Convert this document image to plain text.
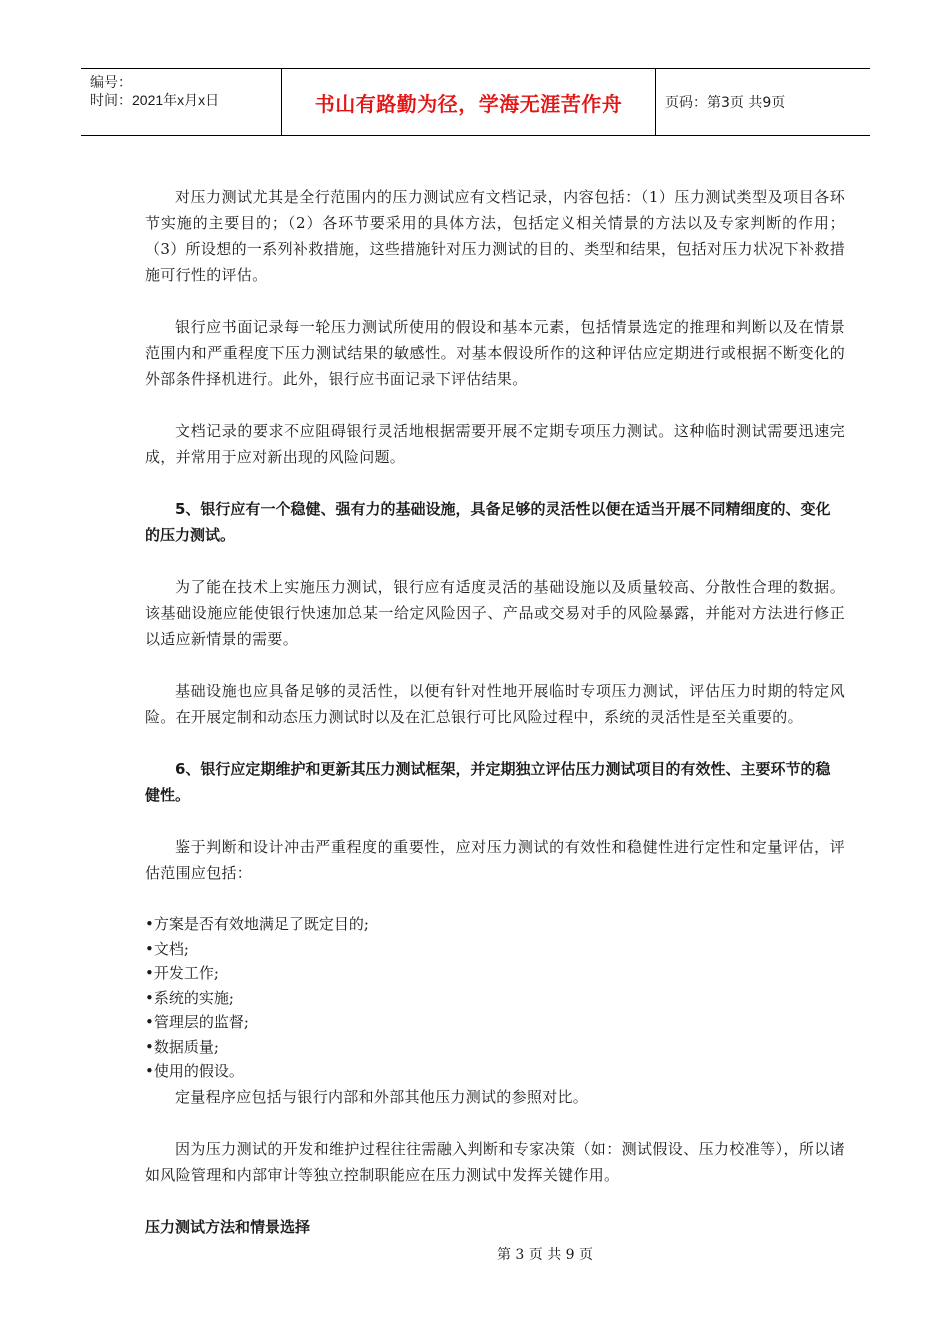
编号：
时间：2021年x月x日	书山有路勤为径，学海无涯苦作舟	页码：第3页 共9页

对压力测试尤其是全行范围内的压力测试应有文档记录，内容包括：（1）压力测试类型及项目各环节实施的主要目的；（2）各环节要采用的具体方法，包括定义相关情景的方法以及专家判断的作用；（3）所设想的一系列补救措施，这些措施针对压力测试的目的、类型和结果，包括对压力状况下补救措施可行性的评估。

银行应书面记录每一轮压力测试所使用的假设和基本元素，包括情景选定的推理和判断以及在情景范围内和严重程度下压力测试结果的敏感性。对基本假设所作的这种评估应定期进行或根据不断变化的外部条件择机进行。此外，银行应书面记录下评估结果。

文档记录的要求不应阻碍银行灵活地根据需要开展不定期专项压力测试。这种临时测试需要迅速完成，并常用于应对新出现的风险问题。

5、银行应有一个稳健、强有力的基础设施，具备足够的灵活性以便在适当开展不同精细度的、变化的压力测试。

为了能在技术上实施压力测试，银行应有适度灵活的基础设施以及质量较高、分散性合理的数据。该基础设施应能使银行快速加总某一给定风险因子、产品或交易对手的风险暴露，并能对方法进行修正以适应新情景的需要。

基础设施也应具备足够的灵活性，以便有针对性地开展临时专项压力测试，评估压力时期的特定风险。在开展定制和动态压力测试时以及在汇总银行可比风险过程中，系统的灵活性是至关重要的。

6、银行应定期维护和更新其压力测试框架，并定期独立评估压力测试项目的有效性、主要环节的稳健性。

鉴于判断和设计冲击严重程度的重要性，应对压力测试的有效性和稳健性进行定性和定量评估，评估范围应包括：

• 方案是否有效地满足了既定目的;
• 文档;
• 开发工作;
• 系统的实施;
• 管理层的监督;
• 数据质量;
• 使用的假设。

定量程序应包括与银行内部和外部其他压力测试的参照对比。

因为压力测试的开发和维护过程往往需融入判断和专家决策（如：测试假设、压力校准等），所以诸如风险管理和内部审计等独立控制职能应在压力测试中发挥关键作用。

压力测试方法和情景选择

第 3 页 共 9 页
